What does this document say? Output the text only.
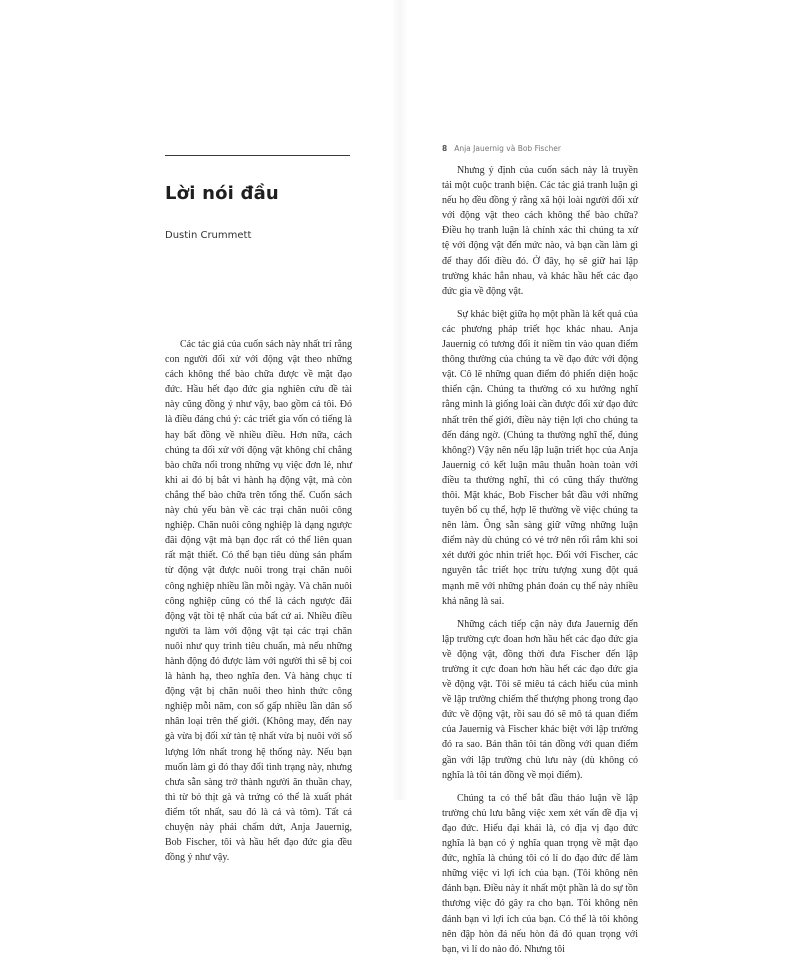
Lời nói đầu

Dustin Crummett

Các tác giả của cuốn sách này nhất trí rằng con người đối xử với động vật theo những cách không thể bào chữa được về mặt đạo đức. Hầu hết đạo đức gia nghiên cứu đề tài này cũng đồng ý như vậy, bao gồm cả tôi. Đó là điều đáng chú ý: các triết gia vốn có tiếng là hay bất đồng về nhiều điều. Hơn nữa, cách chúng ta đối xử với động vật không chỉ chẳng bào chữa nổi trong những vụ việc đơn lẻ, như khi ai đó bị bắt vì hành hạ động vật, mà còn chẳng thể bào chữa trên tổng thể. Cuốn sách này chủ yếu bàn về các trại chăn nuôi công nghiệp. Chăn nuôi công nghiệp là dạng ngược đãi động vật mà bạn đọc rất có thể liên quan rất mật thiết. Có thể bạn tiêu dùng sản phẩm từ động vật được nuôi trong trại chăn nuôi công nghiệp nhiều lần mỗi ngày. Và chăn nuôi công nghiệp cũng có thể là cách ngược đãi động vật tồi tệ nhất của bất cứ ai. Nhiều điều người ta làm với động vật tại các trại chăn nuôi như quy trình tiêu chuẩn, mà nếu những hành động đó được làm với người thì sẽ bị coi là hành hạ, theo nghĩa đen. Và hàng chục tỉ động vật bị chăn nuôi theo hình thức công nghiệp mỗi năm, con số gấp nhiều lần dân số nhân loại trên thế giới. (Không may, đến nay gà vừa bị đối xử tàn tệ nhất vừa bị nuôi với số lượng lớn nhất trong hệ thống này. Nếu bạn muốn làm gì đó thay đổi tình trạng này, nhưng chưa sẵn sàng trở thành người ăn thuần chay, thì từ bỏ thịt gà và trứng có thể là xuất phát điểm tốt nhất, sau đó là cá và tôm). Tất cả chuyện này phải chấm dứt, Anja Jauernig, Bob Fischer, tôi và hầu hết đạo đức gia đều đồng ý như vậy.

8 Anja Jauernig và Bob Fischer

Nhưng ý định của cuốn sách này là truyền tải một cuộc tranh biện. Các tác giả tranh luận gì nếu họ đều đồng ý rằng xã hội loài người đối xử với động vật theo cách không thể bào chữa? Điều họ tranh luận là chính xác thì chúng ta xử tệ với động vật đến mức nào, và bạn cần làm gì để thay đổi điều đó. Ở đây, họ sẽ giữ hai lập trường khác hẳn nhau, và khác hầu hết các đạo đức gia về động vật.

Sự khác biệt giữa họ một phần là kết quả của các phương pháp triết học khác nhau. Anja Jauernig có tương đối ít niềm tin vào quan điểm thông thường của chúng ta về đạo đức với động vật. Cô lẽ những quan điểm đó phiến diện hoặc thiển cận. Chúng ta thường có xu hướng nghĩ rằng mình là giống loài cần được đối xử đạo đức nhất trên thế giới, điều này tiện lợi cho chúng ta đến đáng ngờ. (Chúng ta thường nghĩ thế, đúng không?) Vậy nên nếu lập luận triết học của Anja Jauernig có kết luận mâu thuẫn hoàn toàn với điều ta thường nghĩ, thì có cũng thấy thường thôi. Mặt khác, Bob Fischer bắt đầu với những tuyên bố cụ thể, hợp lẽ thường về việc chúng ta nên làm. Ông sẵn sàng giữ vững những luận điểm này dù chúng có vẻ trở nên rối rắm khi soi xét dưới góc nhìn triết học. Đối với Fischer, các nguyên tắc triết học trừu tượng xung đột quá mạnh mẽ với những phán đoán cụ thể này nhiều khả năng là sai.

Những cách tiếp cận này đưa Jauernig đến lập trường cực đoan hơn hầu hết các đạo đức gia về động vật, đồng thời đưa Fischer đến lập trường ít cực đoan hơn hầu hết các đạo đức gia về động vật. Tôi sẽ miêu tả cách hiểu của mình về lập trường chiếm thế thượng phong trong đạo đức về động vật, rồi sau đó sẽ mô tả quan điểm của Jauernig và Fischer khác biệt với lập trường đó ra sao. Bản thân tôi tán đồng với quan điểm gần với lập trường chủ lưu này (dù không có nghĩa là tôi tán đồng về mọi điểm).

Chúng ta có thể bắt đầu thảo luận về lập trường chủ lưu bằng việc xem xét vấn đề địa vị đạo đức. Hiểu đại khái là, có địa vị đạo đức nghĩa là bạn có ý nghĩa quan trọng về mặt đạo đức, nghĩa là chúng tôi có lí do đạo đức để làm những việc vì lợi ích của bạn. (Tôi không nên đánh bạn. Điều này ít nhất một phần là do sự tồn thương việc đó gây ra cho bạn. Tôi không nên đánh bạn vì lợi ích của bạn. Có thể là tôi không nên đập hòn đá nếu hòn đá đó quan trọng với bạn, vì lí do nào đó. Nhưng tôi
